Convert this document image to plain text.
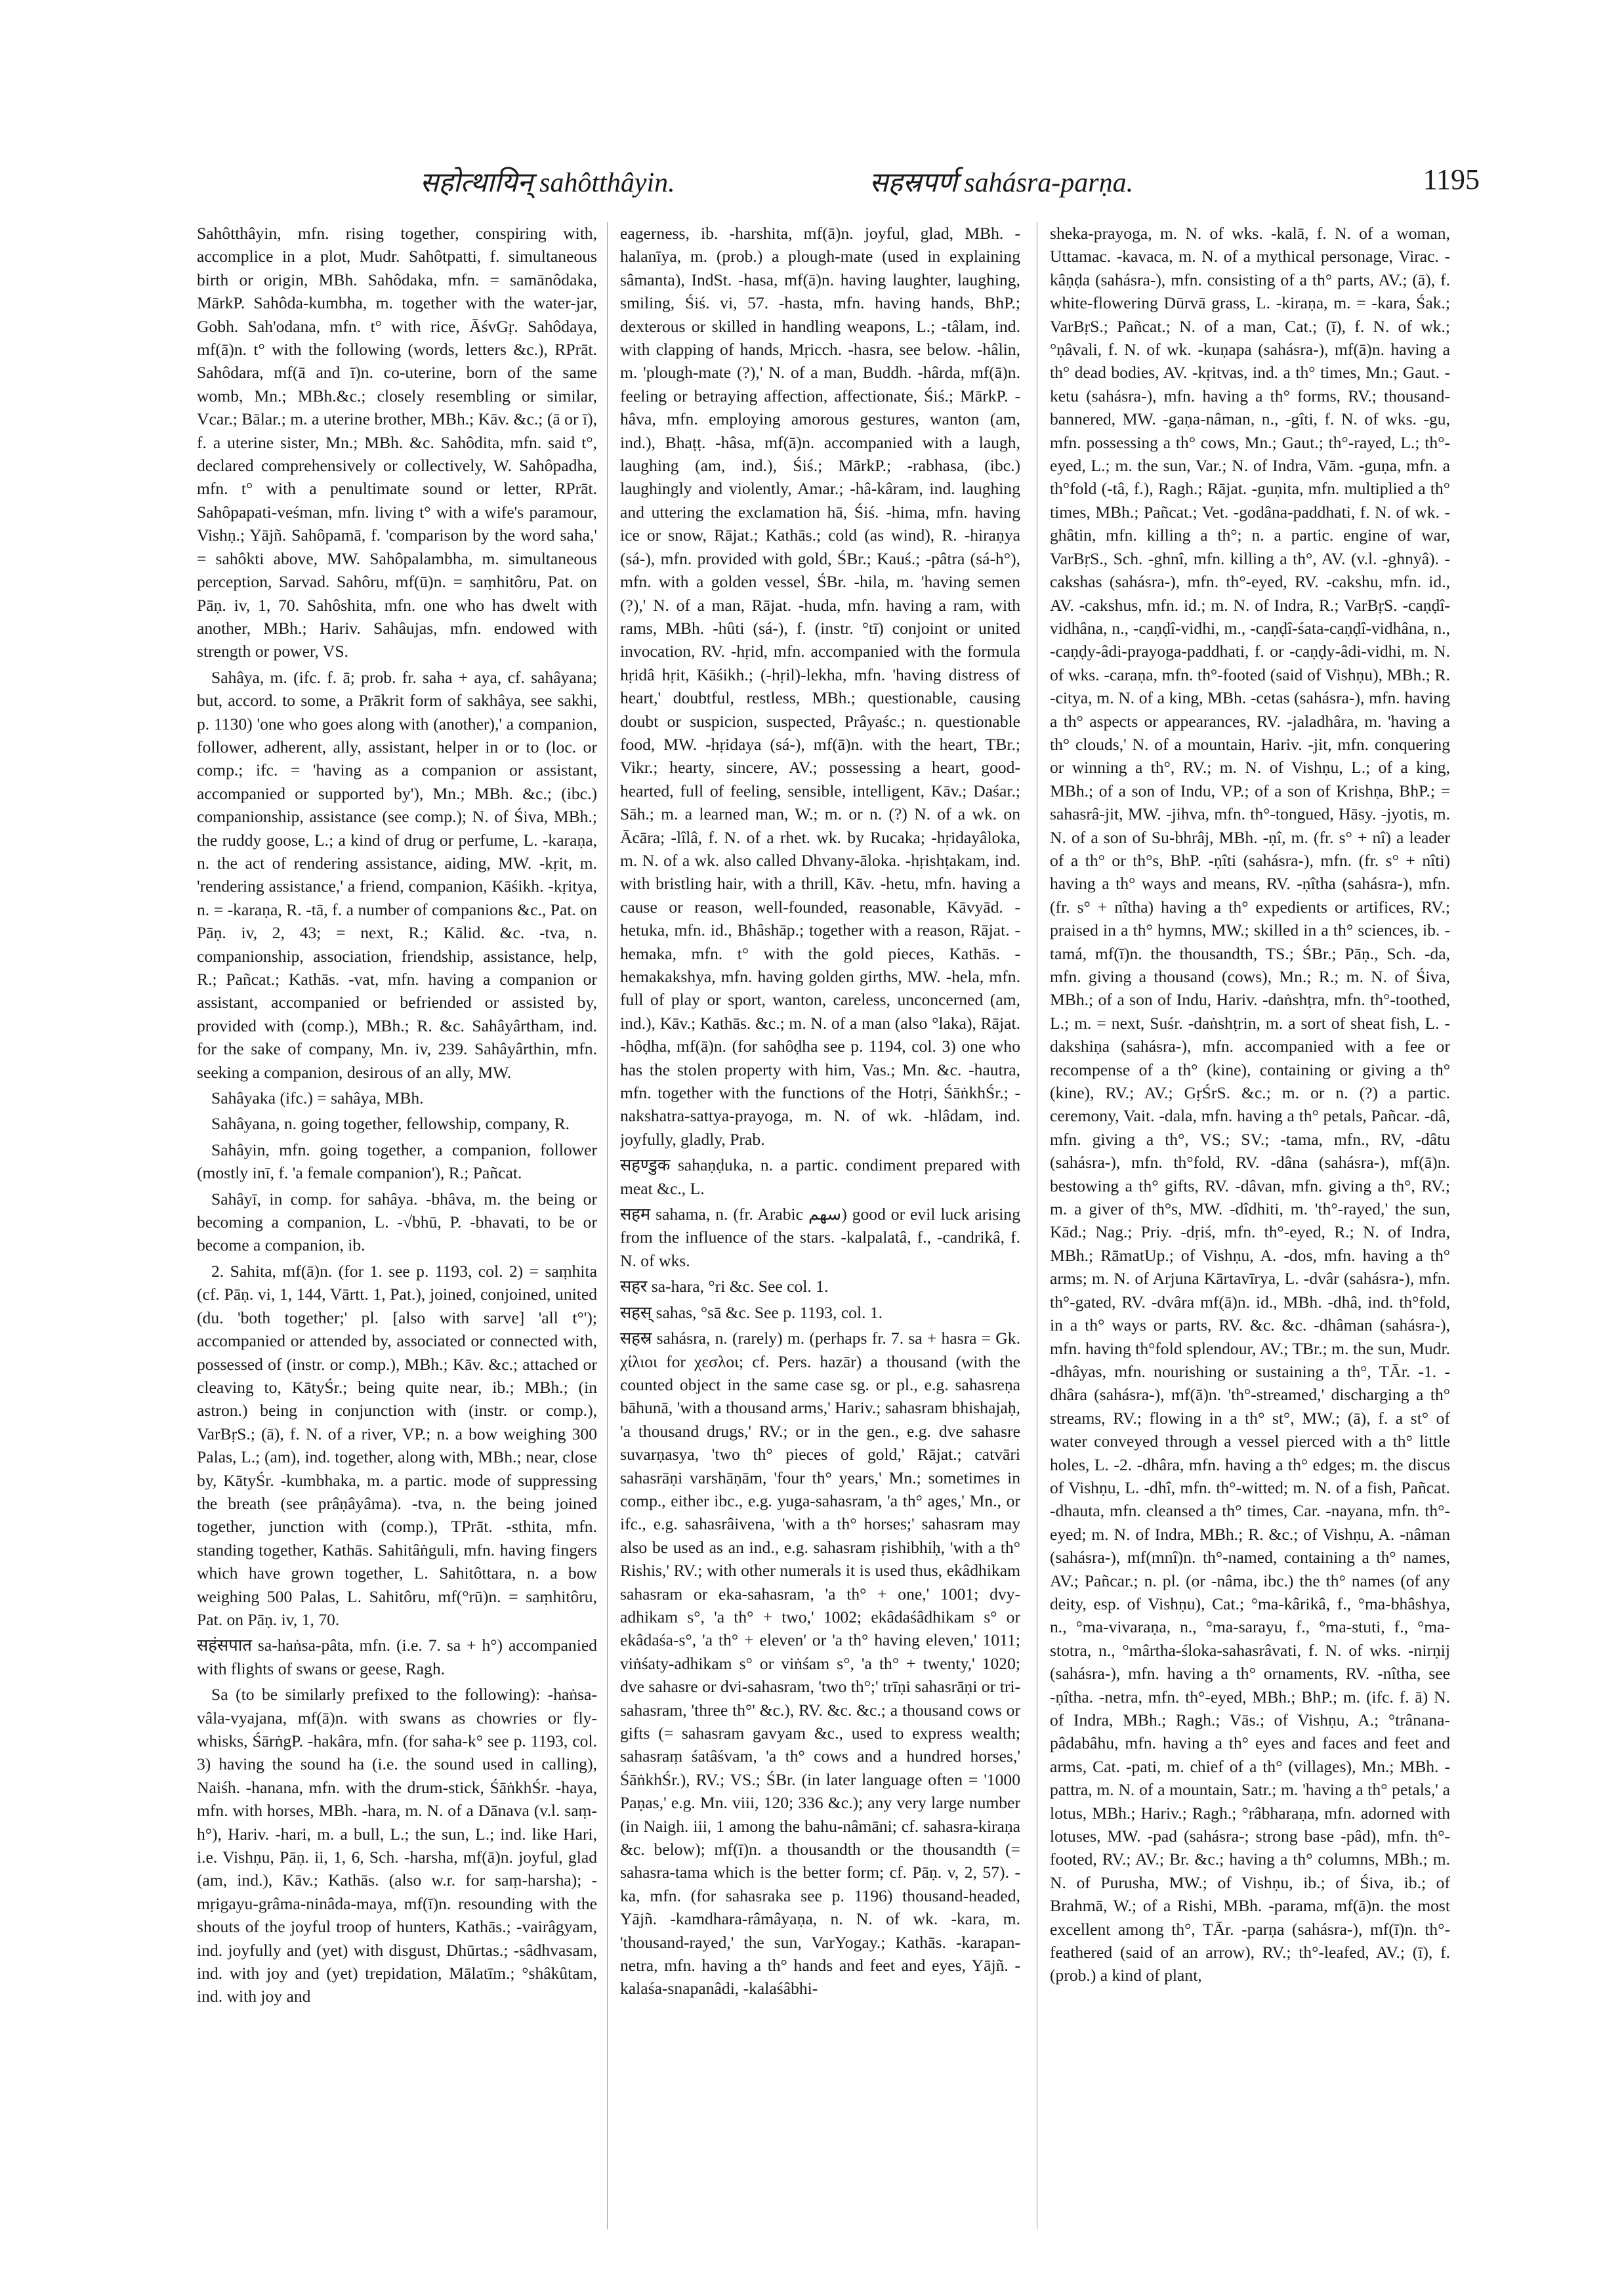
सहोत्थायिन् sahôtthâyin.	सहस्रपर्ण sahásra-parṇa.	1195

Sahôtthâyin, mfn. rising together, conspiring with, accomplice in a plot, Mudr. Sahôtpatti, f. simultaneous birth or origin, MBh. Sahôdaka, mfn. = samānôdaka, MārkP. Sahôda-kumbha, m. together with the water-jar, Gobh. Sah'odana, mfn. t° with rice, ĀśvGṛ. Sahôdaya, mf(ā)n. t° with the following (words, letters &c.), RPrāt. Sahôdara, mf(ā and ī)n. co-uterine, born of the same womb, Mn.; MBh.&c.; closely resembling or similar, Vcar.; Bālar.; m. a uterine brother, MBh.; Kāv. &c.; (ā or ī), f. a uterine sister, Mn.; MBh. &c. Sahôdita, mfn. said t°, declared comprehensively or collectively, W. Sahôpadha, mfn. t° with a penultimate sound or letter, RPrāt. Sahôpapati-veśman, mfn. living t° with a wife's paramour, Vishṇ.; Yājñ. Sahôpamā, f. 'comparison by the word saha,' = sahôkti above, MW. Sahôpalambha, m. simultaneous perception, Sarvad. Sahôru, mf(ū)n. = saṃhitôru, Pat. on Pāṇ. iv, 1, 70. Sahôshita, mfn. one who has dwelt with another, MBh.; Hariv. Sahâujas, mfn. endowed with strength or power, VS.

Sahâya, m. (ifc. f. ā; prob. fr. saha + aya, cf. sahâyana; but, accord. to some, a Prākrit form of sakhâya, see sakhi, p. 1130) 'one who goes along with (another),' a companion, follower, adherent, ally, assistant, helper in or to (loc. or comp.; ifc. = 'having as a companion or assistant, accompanied or supported by'), Mn.; MBh. &c.; (ibc.) companionship, assistance (see comp.); N. of Śiva, MBh.; the ruddy goose, L.; a kind of drug or perfume, L. -karaṇa, n. the act of rendering assistance, aiding, MW. -kṛit, m. 'rendering assistance,' a friend, companion, Kāśikh. -kṛitya, n. = -karaṇa, R. -tā, f. a number of companions &c., Pat. on Pāṇ. iv, 2, 43; = next, R.; Kālid. &c. -tva, n. companionship, association, friendship, assistance, help, R.; Pañcat.; Kathās. -vat, mfn. having a companion or assistant, accompanied or befriended or assisted by, provided with (comp.), MBh.; R. &c. Sahâyârtham, ind. for the sake of company, Mn. iv, 239. Sahâyârthin, mfn. seeking a companion, desirous of an ally, MW.

Sahâyaka (ifc.) = sahâya, MBh.

Sahâyana, n. going together, fellowship, company, R.

Sahâyin, mfn. going together, a companion, follower (mostly inī, f. 'a female companion'), R.; Pañcat.

Sahâyī, in comp. for sahâya. -bhâva, m. the being or becoming a companion, L. -√bhū, P. -bhavati, to be or become a companion, ib.

2. Sahita, mf(ā)n. (for 1. see p. 1193, col. 2) = saṃhita (cf. Pāṇ. vi, 1, 144, Vārtt. 1, Pat.), joined, conjoined, united (du. 'both together;' pl. [also with sarve] 'all t°'); accompanied or attended by, associated or connected with, possessed of (instr. or comp.), MBh.; Kāv. &c.; attached or cleaving to, KātyŚr.; being quite near, ib.; MBh.; (in astron.) being in conjunction with (instr. or comp.), VarBṛS.; (ā), f. N. of a river, VP.; n. a bow weighing 300 Palas, L.; (am), ind. together, along with, MBh.; near, close by, KātyŚr. -kumbhaka, m. a partic. mode of suppressing the breath (see prâṇâyâma). -tva, n. the being joined together, junction with (comp.), TPrāt. -sthita, mfn. standing together, Kathās. Sahitâṅguli, mfn. having fingers which have grown together, L. Sahitôttara, n. a bow weighing 500 Palas, L. Sahitôru, mf(°rū)n. = saṃhitôru, Pat. on Pāṇ. iv, 1, 70.

सहंसपात sa-haṅsa-pâta, mfn. (i.e. 7. sa + h°) accompanied with flights of swans or geese, Ragh.

Sa (to be similarly prefixed to the following): -haṅsa-vâla-vyajana, mf(ā)n. with swans as chowries or fly-whisks, ŚārṅgP. -hakâra, mfn. (for saha-k° see p. 1193, col. 3) having the sound ha (i.e. the sound used in calling), Naiśh. -hanana, mfn. with the drum-stick, ŚāṅkhŚr. -haya, mfn. with horses, MBh. -hara, m. N. of a Dānava (v.l. saṃ-h°), Hariv. -hari, m. a bull, L.; the sun, L.; ind. like Hari, i.e. Vishṇu, Pāṇ. ii, 1, 6, Sch. -harsha, mf(ā)n. joyful, glad (am, ind.), Kāv.; Kathās. (also w.r. for saṃ-harsha); -mṛigayu-grâma-ninâda-maya, mf(ī)n. resounding with the shouts of the joyful troop of hunters, Kathās.; -vairâgyam, ind. joyfully and (yet) with disgust, Dhūrtas.; -sâdhvasam, ind. with joy and (yet) trepidation, Mālatīm.; °shâkûtam, ind. with joy and

eagerness, ib. -harshita, mf(ā)n. joyful, glad, MBh. -halanīya, m. (prob.) a plough-mate (used in explaining sâmanta), IndSt. -hasa, mf(ā)n. having laughter, laughing, smiling, Śiś. vi, 57. -hasta, mfn. having hands, BhP.; dexterous or skilled in handling weapons, L.; -tâlam, ind. with clapping of hands, Mṛicch. -hasra, see below. -hâlin, m. 'plough-mate (?),' N. of a man, Buddh. -hârda, mf(ā)n. feeling or betraying affection, affectionate, Śiś.; MārkP. -hâva, mfn. employing amorous gestures, wanton (am, ind.), Bhaṭṭ. -hâsa, mf(ā)n. accompanied with a laugh, laughing (am, ind.), Śiś.; MārkP.; -rabhasa, (ibc.) laughingly and violently, Amar.; -hâ-kâram, ind. laughing and uttering the exclamation hā, Śiś. -hima, mfn. having ice or snow, Rājat.; Kathās.; cold (as wind), R. -hiraṇya (sá-), mfn. provided with gold, ŚBr.; Kauś.; -pâtra (sá-h°), mfn. with a golden vessel, ŚBr. -hila, m. 'having semen (?),' N. of a man, Rājat. -huda, mfn. having a ram, with rams, MBh. -hûti (sá-), f. (instr. °tī) conjoint or united invocation, RV. -hṛid, mfn. accompanied with the formula hṛidâ hṛit, Kāśikh.; (-hṛil)-lekha, mfn. 'having distress of heart,' doubtful, restless, MBh.; questionable, causing doubt or suspicion, suspected, Prâyaśc.; n. questionable food, MW. -hṛidaya (sá-), mf(ā)n. with the heart, TBr.; Vikr.; hearty, sincere, AV.; possessing a heart, good-hearted, full of feeling, sensible, intelligent, Kāv.; Daśar.; Sāh.; m. a learned man, W.; m. or n. (?) N. of a wk. on Ācāra; -lîlâ, f. N. of a rhet. wk. by Rucaka; -hṛidayâloka, m. N. of a wk. also called Dhvany-āloka. -hṛishṭakam, ind. with bristling hair, with a thrill, Kāv. -hetu, mfn. having a cause or reason, well-founded, reasonable, Kāvyād. -hetuka, mfn. id., Bhâshāp.; together with a reason, Rājat. -hemaka, mfn. t° with the gold pieces, Kathās. -hemakakshya, mfn. having golden girths, MW. -hela, mfn. full of play or sport, wanton, careless, unconcerned (am, ind.), Kāv.; Kathās. &c.; m. N. of a man (also °laka), Rājat. -hôḍha, mf(ā)n. (for sahôḍha see p. 1194, col. 3) one who has the stolen property with him, Vas.; Mn. &c. -hautra, mfn. together with the functions of the Hotṛi, ŚāṅkhŚr.; -nakshatra-sattya-prayoga, m. N. of wk. -hlâdam, ind. joyfully, gladly, Prab.

सहण्डुक sahaṇḍuka, n. a partic. condiment prepared with meat &c., L.

सहम sahama, n. (fr. Arabic سهم) good or evil luck arising from the influence of the stars. -kalpalatâ, f., -candrikâ, f. N. of wks.

सहर sa-hara, °ri &c. See col. 1.

सहस् sahas, °sā &c. See p. 1193, col. 1.

सहस्र sahásra, n. (rarely) m. (perhaps fr. 7. sa + hasra = Gk. χίλιοι for χεσλοι; cf. Pers. hazār) a thousand (with the counted object in the same case sg. or pl., e.g. sahasreṇa bāhunā, 'with a thousand arms,' Hariv.; sahasram bhishajaḥ, 'a thousand drugs,' RV.; or in the gen., e.g. dve sahasre suvarṇasya, 'two th° pieces of gold,' Rājat.; catvāri sahasrāṇi varshāṇām, 'four th° years,' Mn.; sometimes in comp., either ibc., e.g. yuga-sahasram, 'a th° ages,' Mn., or ifc., e.g. sahasrâivena, 'with a th° horses;' sahasram may also be used as an ind., e.g. sahasram ṛishibhiḥ, 'with a th° Rishis,' RV.; with other numerals it is used thus, ekâdhikam sahasram or eka-sahasram, 'a th° + one,' 1001; dvy-adhikam s°, 'a th° + two,' 1002; ekâdaśâdhikam s° or ekâdaśa-s°, 'a th° + eleven' or 'a th° having eleven,' 1011; viṅśaty-adhikam s° or viṅśam s°, 'a th° + twenty,' 1020; dve sahasre or dvi-sahasram, 'two th°;' trīṇi sahasrāṇi or tri-sahasram, 'three th°' &c.), RV. &c. &c.; a thousand cows or gifts (= sahasram gavyam &c., used to express wealth; sahasraṃ śatâśvam, 'a th° cows and a hundred horses,' ŚāṅkhŚr.), RV.; VS.; ŚBr. (in later language often = '1000 Paṇas,' e.g. Mn. viii, 120; 336 &c.); any very large number (in Naigh. iii, 1 among the bahu-nâmāni; cf. sahasra-kiraṇa &c. below); mf(ī)n. a thousandth or the thousandth (= sahasra-tama which is the better form; cf. Pāṇ. v, 2, 57). -ka, mfn. (for sahasraka see p. 1196) thousand-headed, Yājñ. -kamdhara-râmâyaṇa, n. N. of wk. -kara, m. 'thousand-rayed,' the sun, VarYogay.; Kathās. -karapan-netra, mfn. having a th° hands and feet and eyes, Yājñ. -kalaśa-snapanâdi, -kalaśâbhi-

sheka-prayoga, m. N. of wks. -kalā, f. N. of a woman, Uttamac. -kavaca, m. N. of a mythical personage, Virac. -kâṇḍa (sahásra-), mfn. consisting of a th° parts, AV.; (ā), f. white-flowering Dūrvā grass, L. -kiraṇa, m. = -kara, Śak.; VarBṛS.; Pañcat.; N. of a man, Cat.; (ī), f. N. of wk.; °ṇâvali, f. N. of wk. -kuṇapa (sahásra-), mf(ā)n. having a th° dead bodies, AV. -kṛitvas, ind. a th° times, Mn.; Gaut. -ketu (sahásra-), mfn. having a th° forms, RV.; thousand-bannered, MW. -gaṇa-nâman, n., -gîti, f. N. of wks. -gu, mfn. possessing a th° cows, Mn.; Gaut.; th°-rayed, L.; th°-eyed, L.; m. the sun, Var.; N. of Indra, Vām. -guṇa, mfn. a th°fold (-tâ, f.), Ragh.; Rājat. -guṇita, mfn. multiplied a th° times, MBh.; Pañcat.; Vet. -godâna-paddhati, f. N. of wk. -ghâtin, mfn. killing a th°; n. a partic. engine of war, VarBṛS., Sch. -ghnî, mfn. killing a th°, AV. (v.l. -ghnyâ). -cakshas (sahásra-), mfn. th°-eyed, RV. -cakshu, mfn. id., AV. -cakshus, mfn. id.; m. N. of Indra, R.; VarBṛS. -caṇḍî-vidhâna, n., -caṇḍî-vidhi, m., -caṇḍî-śata-caṇḍî-vidhâna, n., -caṇḍy-âdi-prayoga-paddhati, f. or -caṇḍy-âdi-vidhi, m. N. of wks. -caraṇa, mfn. th°-footed (said of Vishṇu), MBh.; R. -citya, m. N. of a king, MBh. -cetas (sahásra-), mfn. having a th° aspects or appearances, RV. -jaladhâra, m. 'having a th° clouds,' N. of a mountain, Hariv. -jit, mfn. conquering or winning a th°, RV.; m. N. of Vishṇu, L.; of a king, MBh.; of a son of Indu, VP.; of a son of Krishṇa, BhP.; = sahasrâ-jit, MW. -jihva, mfn. th°-tongued, Hāsy. -jyotis, m. N. of a son of Su-bhrâj, MBh. -ṇî, m. (fr. s° + nî) a leader of a th° or th°s, BhP. -ṇîti (sahásra-), mfn. (fr. s° + nîti) having a th° ways and means, RV. -ṇîtha (sahásra-), mfn. (fr. s° + nîtha) having a th° expedients or artifices, RV.; praised in a th° hymns, MW.; skilled in a th° sciences, ib. -tamá, mf(ī)n. the thousandth, TS.; ŚBr.; Pāṇ., Sch. -da, mfn. giving a thousand (cows), Mn.; R.; m. N. of Śiva, MBh.; of a son of Indu, Hariv. -daṅshṭra, mfn. th°-toothed, L.; m. = next, Suśr. -daṅshṭrin, m. a sort of sheat fish, L. -dakshiṇa (sahásra-), mfn. accompanied with a fee or recompense of a th° (kine), containing or giving a th° (kine), RV.; AV.; GṛŚrS. &c.; m. or n. (?) a partic. ceremony, Vait. -dala, mfn. having a th° petals, Pañcar. -dâ, mfn. giving a th°, VS.; SV.; -tama, mfn., RV, -dâtu (sahásra-), mfn. th°fold, RV. -dâna (sahásra-), mf(ā)n. bestowing a th° gifts, RV. -dâvan, mfn. giving a th°, RV.; m. a giver of th°s, MW. -dîdhiti, m. 'th°-rayed,' the sun, Kād.; Nag.; Priy. -dṛiś, mfn. th°-eyed, R.; N. of Indra, MBh.; RāmatUp.; of Vishṇu, A. -dos, mfn. having a th° arms; m. N. of Arjuna Kārtavīrya, L. -dvâr (sahásra-), mfn. th°-gated, RV. -dvâra mf(ā)n. id., MBh. -dhâ, ind. th°fold, in a th° ways or parts, RV. &c. &c. -dhâman (sahásra-), mfn. having th°fold splendour, AV.; TBr.; m. the sun, Mudr. -dhâyas, mfn. nourishing or sustaining a th°, TĀr. -1. -dhâra (sahásra-), mf(ā)n. 'th°-streamed,' discharging a th° streams, RV.; flowing in a th° st°, MW.; (ā), f. a st° of water conveyed through a vessel pierced with a th° little holes, L. -2. -dhâra, mfn. having a th° edges; m. the discus of Vishṇu, L. -dhî, mfn. th°-witted; m. N. of a fish, Pañcat. -dhauta, mfn. cleansed a th° times, Car. -nayana, mfn. th°-eyed; m. N. of Indra, MBh.; R. &c.; of Vishṇu, A. -nâman (sahásra-), mf(mnî)n. th°-named, containing a th° names, AV.; Pañcar.; n. pl. (or -nâma, ibc.) the th° names (of any deity, esp. of Vishṇu), Cat.; °ma-kârikâ, f., °ma-bhâshya, n., °ma-vivaraṇa, n., °ma-sarayu, f., °ma-stuti, f., °ma-stotra, n., °mârtha-śloka-sahasrâvati, f. N. of wks. -nirṇij (sahásra-), mfn. having a th° ornaments, RV. -nîtha, see -ṇîtha. -netra, mfn. th°-eyed, MBh.; BhP.; m. (ifc. f. ā) N. of Indra, MBh.; Ragh.; Vās.; of Vishṇu, A.; °trânana-pâdabâhu, mfn. having a th° eyes and faces and feet and arms, Cat. -pati, m. chief of a th° (villages), Mn.; MBh. -pattra, m. N. of a mountain, Satr.; m. 'having a th° petals,' a lotus, MBh.; Hariv.; Ragh.; °râbharaṇa, mfn. adorned with lotuses, MW. -pad (sahásra-; strong base -pâd), mfn. th°-footed, RV.; AV.; Br. &c.; having a th° columns, MBh.; m. N. of Purusha, MW.; of Vishṇu, ib.; of Śiva, ib.; of Brahmā, W.; of a Rishi, MBh. -parama, mf(ā)n. the most excellent among th°, TĀr. -parṇa (sahásra-), mf(ī)n. th°-feathered (said of an arrow), RV.; th°-leafed, AV.; (ī), f. (prob.) a kind of plant,
